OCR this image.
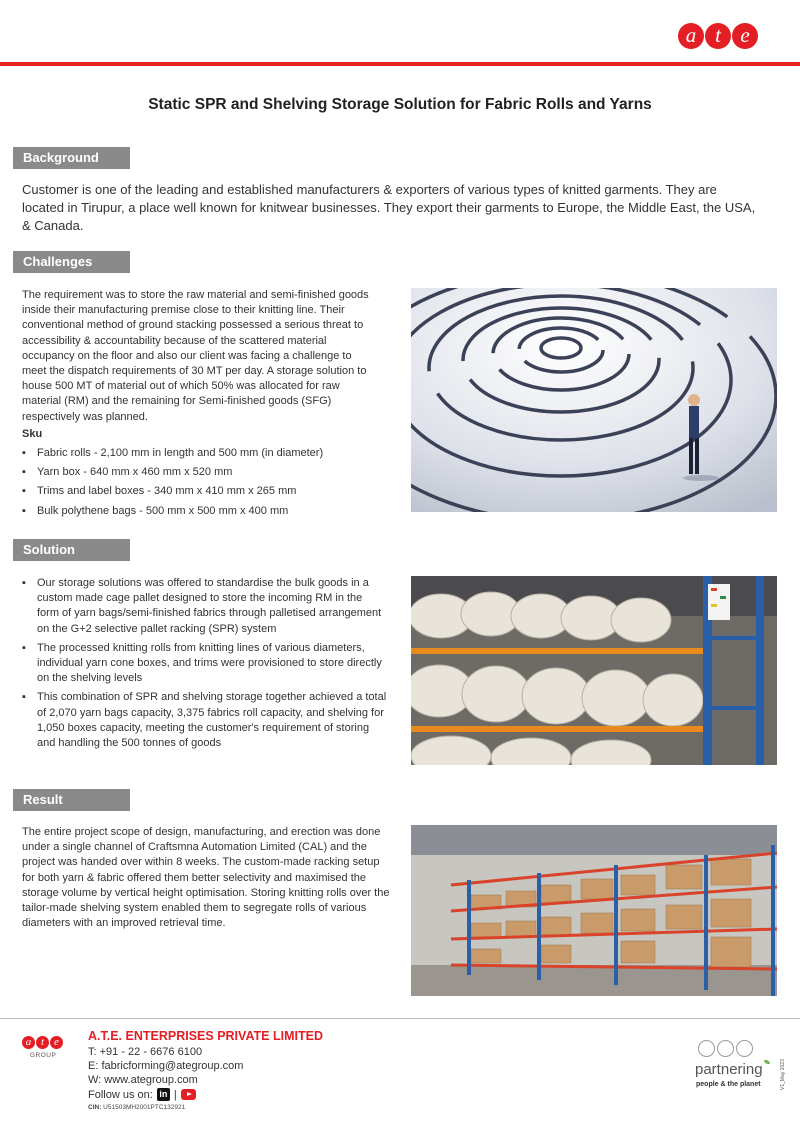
a t e
Static SPR and Shelving Storage Solution for Fabric Rolls and Yarns
Background
Customer is one of the leading and established manufacturers & exporters of various types of knitted garments. They are located in Tirupur, a place well known for knitwear businesses. They export their garments to Europe, the Middle East, the USA, & Canada.
Challenges

The requirement was to store the raw material and semi-finished goods inside their manufacturing premise close to their knitting line. Their conventional method of ground stacking possessed a serious threat to accessibility & accountability because of the scattered material occupancy on the floor and also our client was facing a challenge to meet the dispatch requirements of 30 MT per day. A storage solution to house 500 MT of material out of which 50% was allocated for raw material (RM) and the remaining for Semi-finished goods (SFG) respectively was planned.

Sku

▪ Fabric rolls - 2,100 mm in length and 500 mm (in diameter)
▪ Yarn box - 640 mm x 460 mm x 520 mm
▪ Trims and label boxes - 340 mm x 410 mm x 265 mm
▪ Bulk polythene bags - 500 mm x 500 mm x 400 mm
Solution
▪ Our storage solutions was offered to standardise the bulk goods in a custom made cage pallet designed to store the incoming RM in the form of yarn bags/semi-finished fabrics through palletised arrangement on the G+2 selective pallet racking (SPR) system
▪ The processed knitting rolls from knitting lines of various diameters, individual yarn cone boxes, and trims were provisioned to store directly on the shelving levels
▪ This combination of SPR and shelving storage together achieved a total of 2,070 yarn bags capacity, 3,375 fabrics roll capacity, and shelving for 1,050 boxes capacity, meeting the customer's requirement of storing and handling the 500 tonnes of goods
Result
The entire project scope of design, manufacturing, and erection was done under a single channel of Craftsmna Automation Limited (CAL) and the project was handed over within 8 weeks. The custom-made racking setup for both yarn & fabric offered them better selectivity and maximised the storage volume by vertical height optimisation. Storing knitting rolls over the tailor-made shelving system enabled them to segregate rolls of various diameters with an improved retrieval time.
a t e
GROUP
A.T.E. ENTERPRISES PRIVATE LIMITED
T: +91 - 22 - 6676 6100
E: fabricforming@ategroup.com
W: www.ategroup.com
Follow us on: in |
CIN: U51503MH2001PTC132921
partnering
people & the planet	V1_May 2023
